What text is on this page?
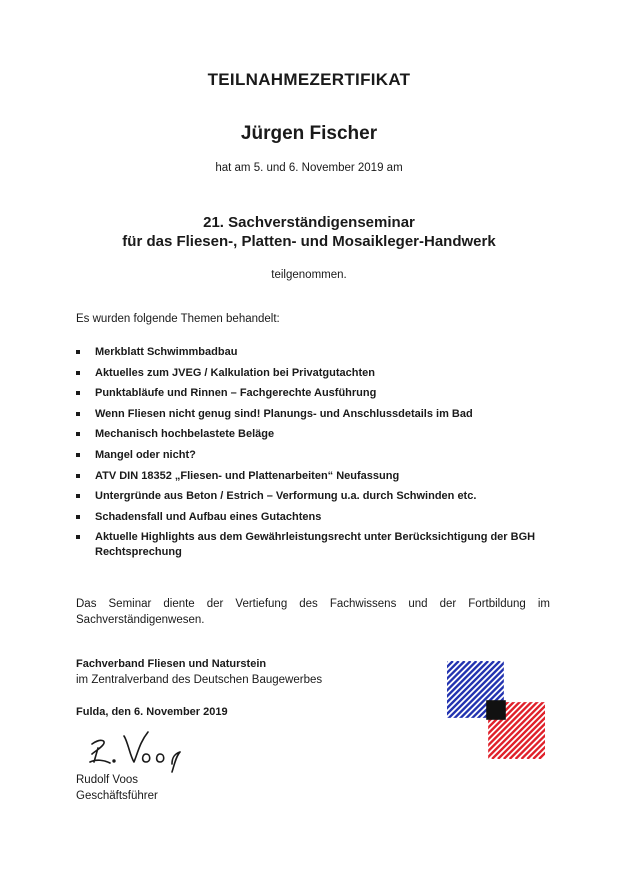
TEILNAHMEZERTIFIKAT
Jürgen Fischer
hat am 5. und 6. November 2019 am
21. Sachverständigenseminar
für das Fliesen-, Platten- und Mosaikleger-Handwerk
teilgenommen.
Es wurden folgende Themen behandelt:
Merkblatt Schwimmbadbau
Aktuelles zum JVEG / Kalkulation bei Privatgutachten
Punktabläufe und Rinnen – Fachgerechte Ausführung
Wenn Fliesen nicht genug sind! Planungs- und Anschlussdetails im Bad
Mechanisch hochbelastete Beläge
Mangel oder nicht?
ATV DIN 18352 „Fliesen- und Plattenarbeiten“ Neufassung
Untergründe aus Beton / Estrich – Verformung u.a. durch Schwinden etc.
Schadensfall und Aufbau eines Gutachtens
Aktuelle Highlights aus dem Gewährleistungsrecht unter Berücksichtigung der BGH Rechtsprechung
Das Seminar diente der Vertiefung des Fachwissens und der Fortbildung im Sachverständigenwesen.
Fachverband Fliesen und Naturstein
im Zentralverband des Deutschen Baugewerbes
Fulda, den 6. November 2019
Rudolf Voos
Geschäftsführer
